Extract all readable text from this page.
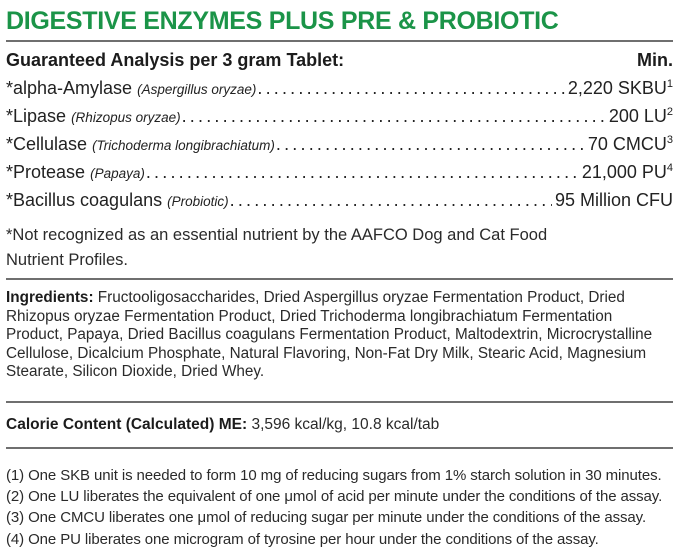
DIGESTIVE ENZYMES PLUS PRE & PROBIOTIC
Guaranteed Analysis per 3 gram Tablet:	Min.
*alpha-Amylase (Aspergillus oryzae) .....	2,220 SKBU$^1$
*Lipase (Rhizopus oryzae) .....	200 $LU^2$
*Cellulase (Trichoderma longibrachiatum) .....	70 CMCU$^3$
*Protease (Papaya) .....	21,000 $PU^4$
*Bacillus coagulans (Probiotic) .....	95 Million CFU

*Not recognized as an essential nutrient by the AAFCO Dog and Cat Food Nutrient Profiles.

Ingredients: Fructooligosaccharides, Dried Aspergillus oryzae Fermentation Product, Dried Rhizopus oryzae Fermentation Product, Dried Trichoderma longibrachiatum Fermentation Product, Papaya, Dried Bacillus coagulans Fermentation Product, Maltodextrin, Microcrystalline Cellulose, Dicalcium Phosphate, Natural Flavoring, Non-Fat Dry Milk, Stearic Acid, Magnesium Stearate, Silicon Dioxide, Dried Whey.

Calorie Content (Calculated) ME: 3,596 kcal/kg, 10.8 kcal/tab

(1) One SKB unit is needed to form 10 mg of reducing sugars from 1% starch solution in 30 minutes.

(2) One LU liberates the equivalent of one μmol of acid per minute under the conditions of the assay.

(3) One CMCU liberates one μmol of reducing sugar per minute under the conditions of the assay.

(4) One PU liberates one microgram of tyrosine per hour under the conditions of the assay.
